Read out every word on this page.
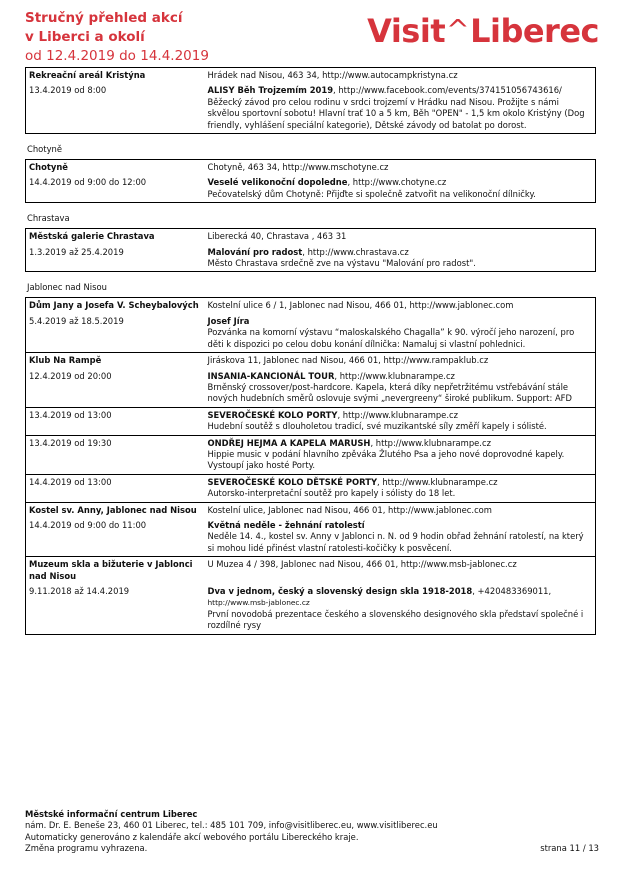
Stručný přehled akcí
v Liberci a okolí
od 12.4.2019 do 14.4.2019
Visit^Liberec
Rekreační areál Kristýna	Hrádek nad Nisou, 463 34, http://www.autocampkristyna.cz
13.4.2019 od 8:00	ALISY Běh Trojzemím 2019, http://www.facebook.com/events/374151056743616/
Běžecký závod pro celou rodinu v srdci trojzemí v Hrádku nad Nisou. Prožijte s námi skvělou sportovní sobotu! Hlavní trať 10 a 5 km, Běh "OPEN" - 1,5 km okolo Kristýny (Dog friendly, vyhlášení speciální kategorie), Dětské závody od batolat po dorost.
Chotyně
Chotyně	Chotyně, 463 34, http://www.mschotyne.cz
14.4.2019 od 9:00 do 12:00	Veselé velikonoční dopoledne, http://www.chotyne.cz
Pečovatelský dům Chotyně: Přijďte si společně zatvořit na velikonoční dílničky.
Chrastava
Městská galerie Chrastava	Liberecká 40, Chrastava , 463 31
1.3.2019 až 25.4.2019	Malování pro radost, http://www.chrastava.cz
Město Chrastava srdečně zve na výstavu "Malování pro radost".
Jablonec nad Nisou
Dům Jany a Josefa V. Scheybalových	Kostelní ulice 6 / 1, Jablonec nad Nisou, 466 01, http://www.jablonec.com
5.4.2019 až 18.5.2019	Josef Jíra
Pozvánka na komorní výstavu “maloskalského Chagalla” k 90. výročí jeho narození, pro děti k dispozici po celou dobu konání dílnička: Namaluj si vlastní pohlednici.
Klub Na Rampě	Jiráskova 11, Jablonec nad Nisou, 466 01, http://www.rampaklub.cz
12.4.2019 od 20:00	INSANIA-KANCIONÁL TOUR, http://www.klubnarampe.cz
Brněnský crossover/post-hardcore. Kapela, která díky nepřetržitému vstřebávání stále nových hudebních směrů oslovuje svými „nevergreeny“ široké publikum. Support: AFD
13.4.2019 od 13:00	SEVEROČESKÉ KOLO PORTY, http://www.klubnarampe.cz
Hudební soutěž s dlouholetou tradicí, své muzikantské síly změří kapely i sólisté.
13.4.2019 od 19:30	ONDŘEJ HEJMA A KAPELA MARUSH, http://www.klubnarampe.cz
Hippie music v podání hlavního zpěváka Žlutého Psa a jeho nové doprovodné kapely. Vystoupí jako hosté Porty.
14.4.2019 od 13:00	SEVEROČESKÉ KOLO DĚTSKÉ PORTY, http://www.klubnarampe.cz
Autorsko-interpretační soutěž pro kapely i sólisty do 18 let.
Kostel sv. Anny, Jablonec nad Nisou	Kostelní ulice, Jablonec nad Nisou, 466 01, http://www.jablonec.com
14.4.2019 od 9:00 do 11:00	Květná neděle - žehnání ratolestí
Neděle 14. 4., kostel sv. Anny v Jablonci n. N. od 9 hodin obřad žehnání ratolestí, na který si mohou lidé přinést vlastní ratolesti-kočičky k posvěcení.
Muzeum skla a bižuterie v Jablonci nad Nisou	U Muzea 4 / 398, Jablonec nad Nisou, 466 01, http://www.msb-jablonec.cz
9.11.2018 až 14.4.2019	Dva v jednom, český a slovenský design skla 1918-2018, +420483369011,
http://www.msb-jablonec.cz
První novodobá prezentace českého a slovenského designového skla představí společné i rozdílné rysy
Městské informační centrum Liberec
nám. Dr. E. Beneše 23, 460 01 Liberec, tel.: 485 101 709, info@visitliberec.eu, www.visitliberec.eu
Automaticky generováno z kalendáře akcí webového portálu Libereckého kraje.
Změna programu vyhrazena.	strana 11 / 13
